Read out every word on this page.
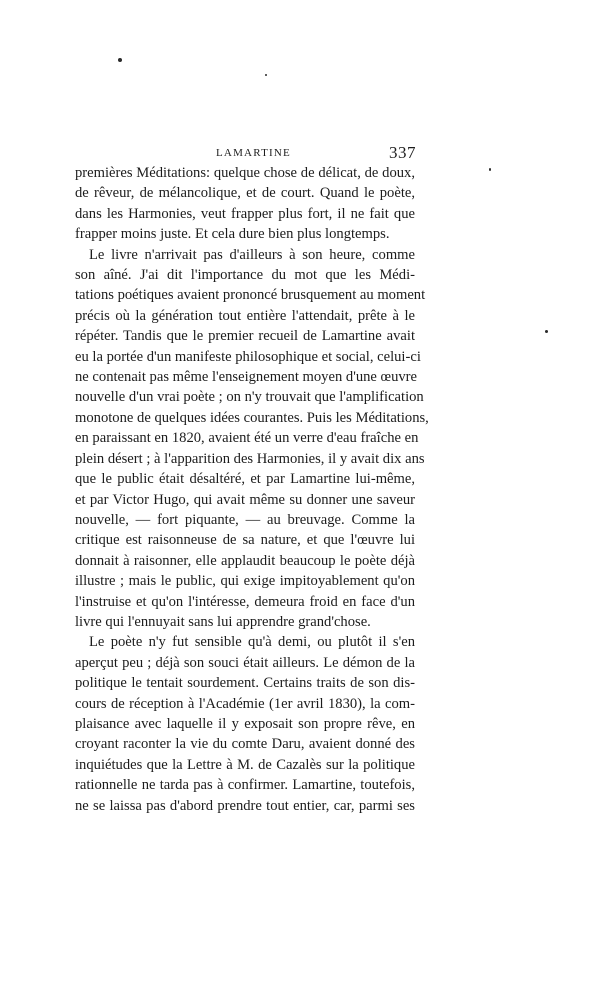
LAMARTINE	337
premières Méditations: quelque chose de délicat, de doux,
de rêveur, de mélancolique, et de court. Quand le poète,
dans les Harmonies, veut frapper plus fort, il ne fait que
frapper moins juste. Et cela dure bien plus longtemps.
Le livre n'arrivait pas d'ailleurs à son heure, comme
son aîné. J'ai dit l'importance du mot que les Médi-
tations poétiques avaient prononcé brusquement au moment
précis où la génération tout entière l'attendait, prête à le
répéter. Tandis que le premier recueil de Lamartine avait
eu la portée d'un manifeste philosophique et social, celui-ci
ne contenait pas même l'enseignement moyen d'une œuvre
nouvelle d'un vrai poète ; on n'y trouvait que l'amplification
monotone de quelques idées courantes. Puis les Méditations,
en paraissant en 1820, avaient été un verre d'eau fraîche en
plein désert ; à l'apparition des Harmonies, il y avait dix ans
que le public était désaltéré, et par Lamartine lui-même,
et par Victor Hugo, qui avait même su donner une saveur
nouvelle, — fort piquante, — au breuvage. Comme la
critique est raisonneuse de sa nature, et que l'œuvre lui
donnait à raisonner, elle applaudit beaucoup le poète déjà
illustre ; mais le public, qui exige impitoyablement qu'on
l'instruise et qu'on l'intéresse, demeura froid en face d'un
livre qui l'ennuyait sans lui apprendre grand'chose.
Le poète n'y fut sensible qu'à demi, ou plutôt il s'en
aperçut peu ; déjà son souci était ailleurs. Le démon de la
politique le tentait sourdement. Certains traits de son dis-
cours de réception à l'Académie (1er avril 1830), la com-
plaisance avec laquelle il y exposait son propre rêve, en
croyant raconter la vie du comte Daru, avaient donné des
inquiétudes que la Lettre à M. de Cazalès sur la politique
rationnelle ne tarda pas à confirmer. Lamartine, toutefois,
ne se laissa pas d'abord prendre tout entier, car, parmi ses
